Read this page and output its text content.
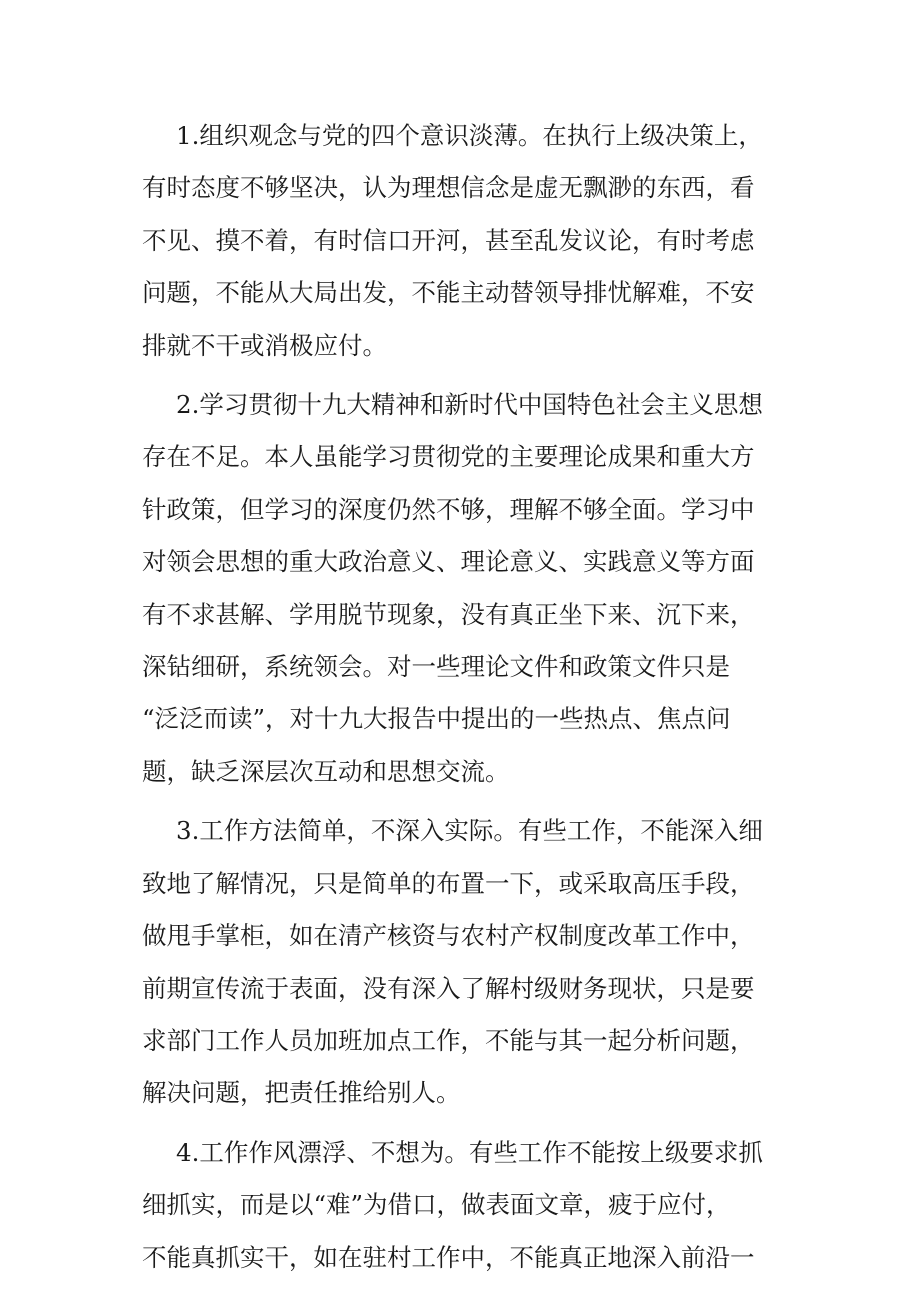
1.组织观念与党的四个意识淡薄。在执行上级决策上，
有时态度不够坚决，认为理想信念是虚无飘渺的东西，看
不见、摸不着，有时信口开河，甚至乱发议论，有时考虑
问题，不能从大局出发，不能主动替领导排忧解难，不安
排就不干或消极应付。

2.学习贯彻十九大精神和新时代中国特色社会主义思想
存在不足。本人虽能学习贯彻党的主要理论成果和重大方
针政策，但学习的深度仍然不够，理解不够全面。学习中
对领会思想的重大政治意义、理论意义、实践意义等方面
有不求甚解、学用脱节现象，没有真正坐下来、沉下来，
深钻细研，系统领会。对一些理论文件和政策文件只是
“泛泛而读”，对十九大报告中提出的一些热点、焦点问
题，缺乏深层次互动和思想交流。

3.工作方法简单，不深入实际。有些工作，不能深入细
致地了解情况，只是简单的布置一下，或采取高压手段，
做甩手掌柜，如在清产核资与农村产权制度改革工作中，
前期宣传流于表面，没有深入了解村级财务现状，只是要
求部门工作人员加班加点工作，不能与其一起分析问题，
解决问题，把责任推给别人。

4.工作作风漂浮、不想为。有些工作不能按上级要求抓
细抓实，而是以“难”为借口，做表面文章，疲于应付，
不能真抓实干，如在驻村工作中，不能真正地深入前沿一
